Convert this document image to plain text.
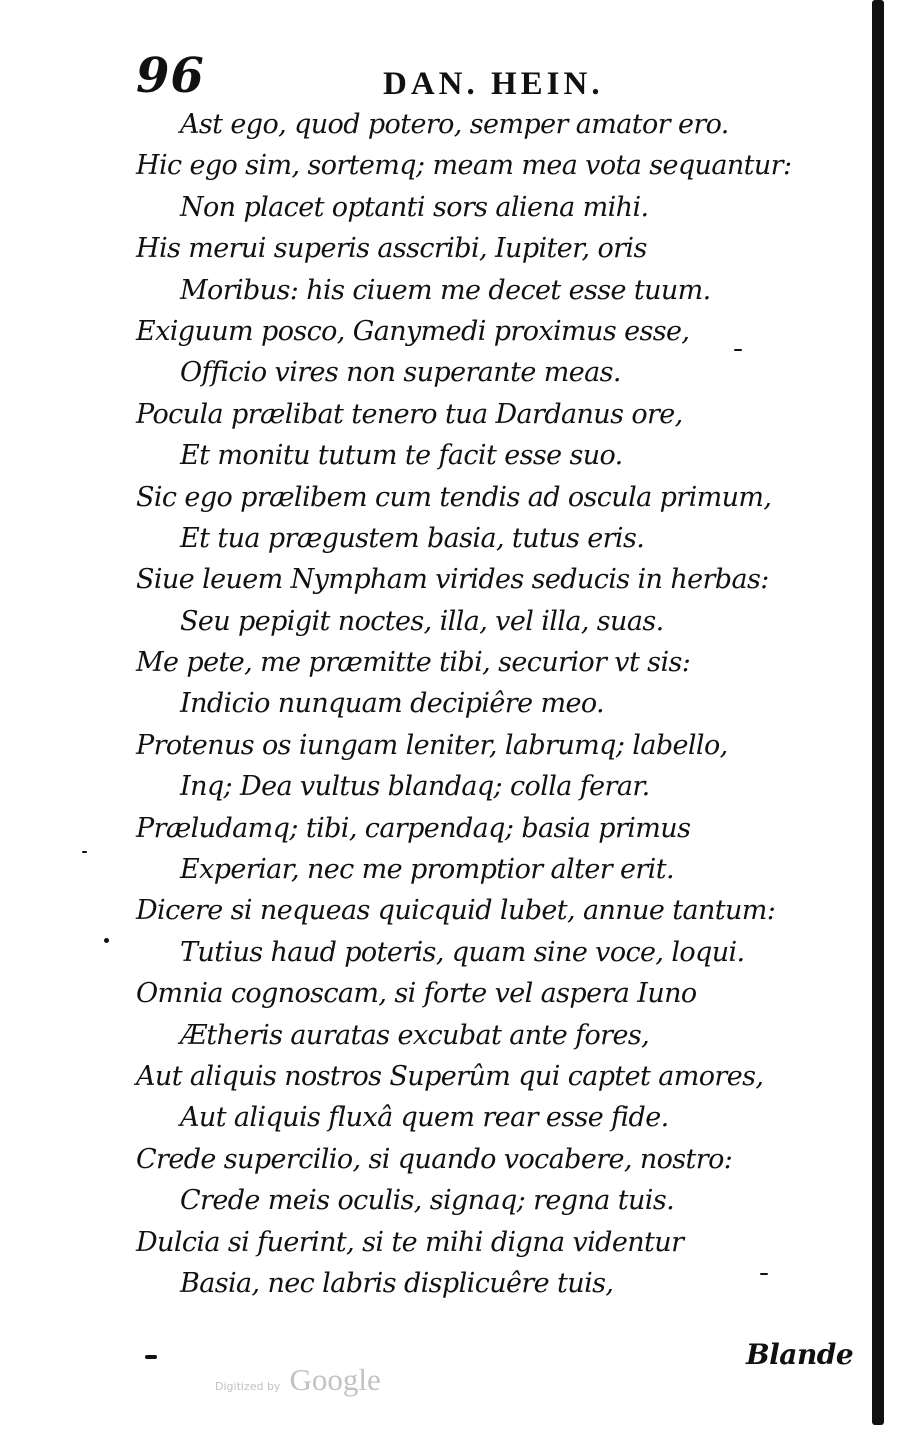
96	DAN. HEIN.
Ast ego, quod potero, semper amator ero.
Hic ego sim, sortemq; meam mea vota sequantur:
Non placet optanti sors aliena mihi.
His merui superis asscribi, Iupiter, oris
Moribus: his ciuem me decet esse tuum.
Exiguum posco, Ganymedi proximus esse,
Officio vires non superante meas.
Pocula prælibat tenero tua Dardanus ore,
Et monitu tutum te facit esse suo.
Sic ego prælibem cum tendis ad oscula primum,
Et tua prægustem basia, tutus eris.
Siue leuem Nympham virides seducis in herbas:
Seu pepigit noctes, illa, vel illa, suas.
Me pete, me præmitte tibi, securior vt sis:
Indicio nunquam decipiêre meo.
Protenus os iungam leniter, labrumq; labello,
Inq; Dea vultus blandaq; colla ferar.
Præludamq; tibi, carpendaq; basia primus
Experiar, nec me promptior alter erit.
Dicere si nequeas quicquid lubet, annue tantum:
Tutius haud poteris, quam sine voce, loqui.
Omnia cognoscam, si forte vel aspera Iuno
Ætheris auratas excubat ante fores,
Aut aliquis nostros Superûm qui captet amores,
Aut aliquis fluxâ quem rear esse fide.
Crede supercilio, si quando vocabere, nostro:
Crede meis oculis, signaq; regna tuis.
Dulcia si fuerint, si te mihi digna videntur
Basia, nec labris displicuêre tuis,
Blande
Digitized by Google
